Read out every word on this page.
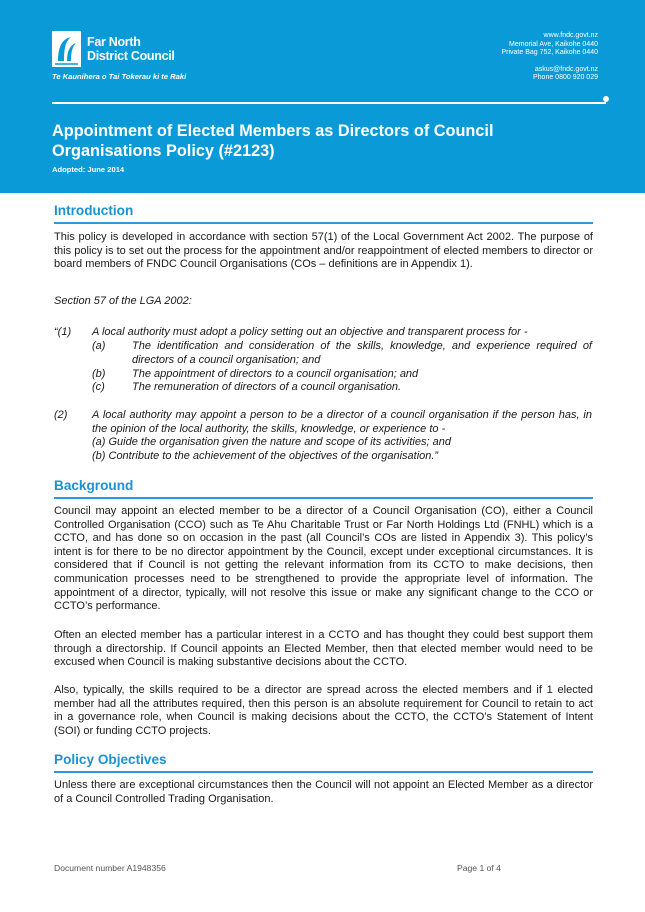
Far North
District Council
Te Kaunihera o Tai Tokerau ki te Raki
www.fndc.govt.nz
Memorial Ave, Kaikohe 0440
Private Bag 752, Kaikohe 0440
askus@fndc.govt.nz
Phone 0800 920 029
Appointment of Elected Members as Directors of Council Organisations Policy (#2123)
Adopted: June 2014
Introduction

This policy is developed in accordance with section 57(1) of the Local Government Act 2002. The purpose of this policy is to set out the process for the appointment and/or reappointment of elected members to director or board members of FNDC Council Organisations (COs – definitions are in Appendix 1).

Section 57 of the LGA 2002:

“(1) A local authority must adopt a policy setting out an objective and transparent process for -

(a) The identification and consideration of the skills, knowledge, and experience required of directors of a council organisation; and

(b) The appointment of directors to a council organisation; and

(c) The remuneration of directors of a council organisation.

(2) A local authority may appoint a person to be a director of a council organisation if the person has, in the opinion of the local authority, the skills, knowledge, or experience to -

(a) Guide the organisation given the nature and scope of its activities; and

(b) Contribute to the achievement of the objectives of the organisation.”

Background

Council may appoint an elected member to be a director of a Council Organisation (CO), either a Council Controlled Organisation (CCO) such as Te Ahu Charitable Trust or Far North Holdings Ltd (FNHL) which is a CCTO, and has done so on occasion in the past (all Council’s COs are listed in Appendix 3). This policy’s intent is for there to be no director appointment by the Council, except under exceptional circumstances. It is considered that if Council is not getting the relevant information from its CCTO to make decisions, then communication processes need to be strengthened to provide the appropriate level of information. The appointment of a director, typically, will not resolve this issue or make any significant change to the CCO or CCTO’s performance.

Often an elected member has a particular interest in a CCTO and has thought they could best support them through a directorship. If Council appoints an Elected Member, then that elected member would need to be excused when Council is making substantive decisions about the CCTO.

Also, typically, the skills required to be a director are spread across the elected members and if 1 elected member had all the attributes required, then this person is an absolute requirement for Council to retain to act in a governance role, when Council is making decisions about the CCTO, the CCTO’s Statement of Intent (SOI) or funding CCTO projects.

Policy Objectives

Unless there are exceptional circumstances then the Council will not appoint an Elected Member as a director of a Council Controlled Trading Organisation.

Document number A1948356	Page 1 of 4
